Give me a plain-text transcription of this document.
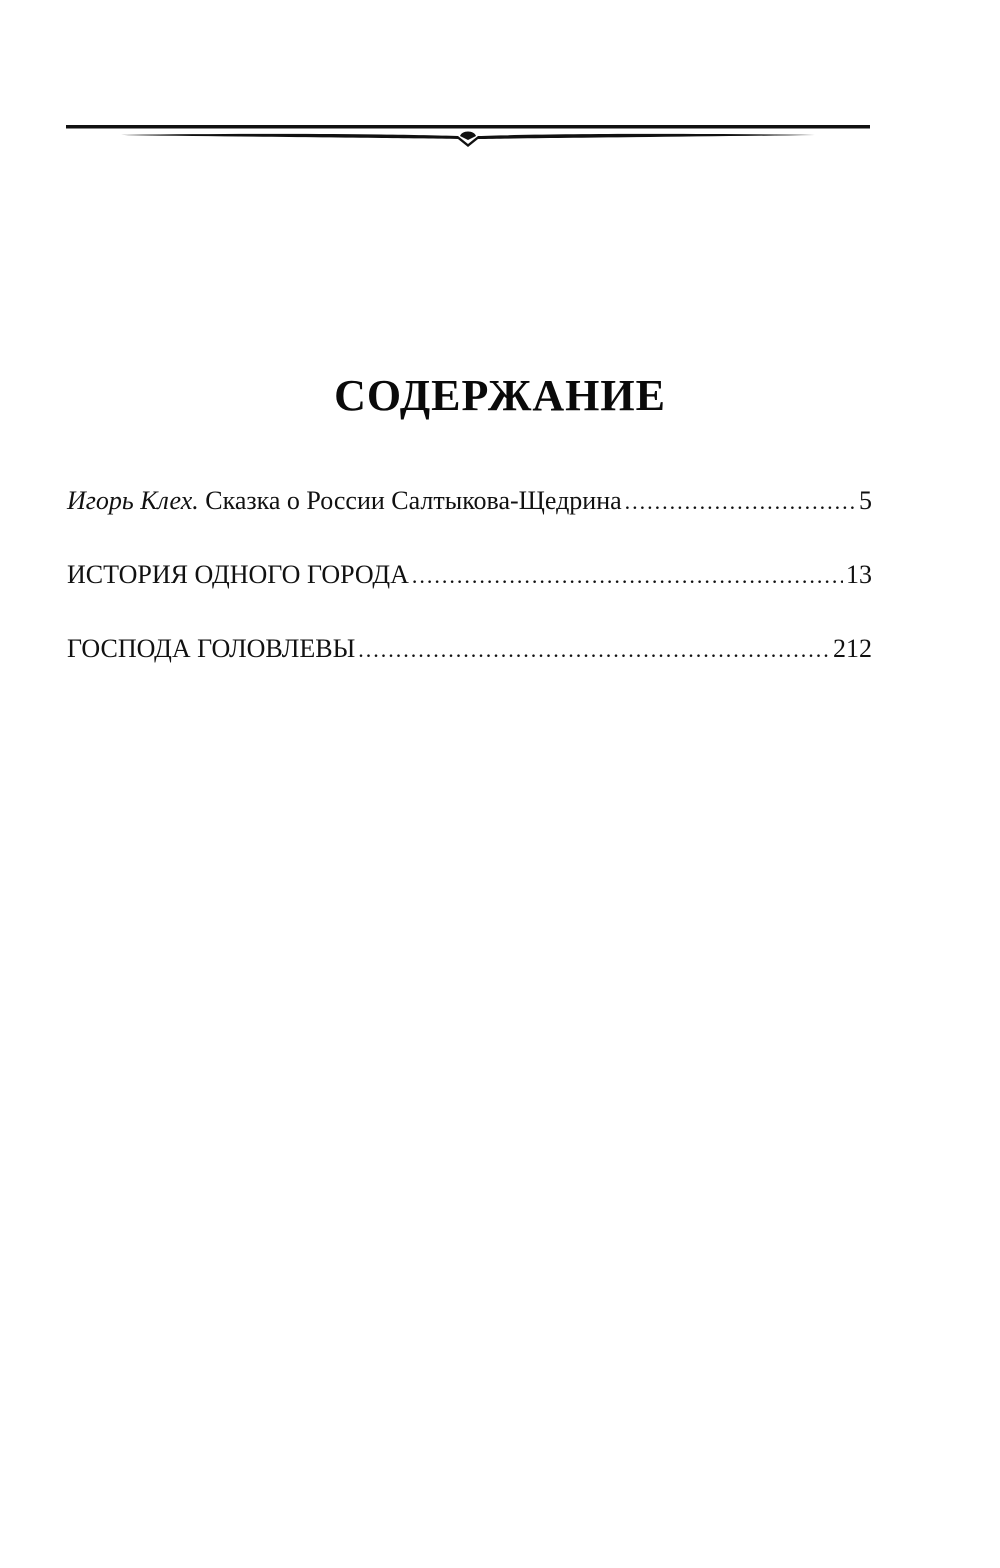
СОДЕРЖАНИЕ
Игорь Клех. Сказка о России Салтыкова-Щедрина .....	5
ИСТОРИЯ ОДНОГО ГОРОДА .....	13
ГОСПОДА ГОЛОВЛЕВЫ .....	212
